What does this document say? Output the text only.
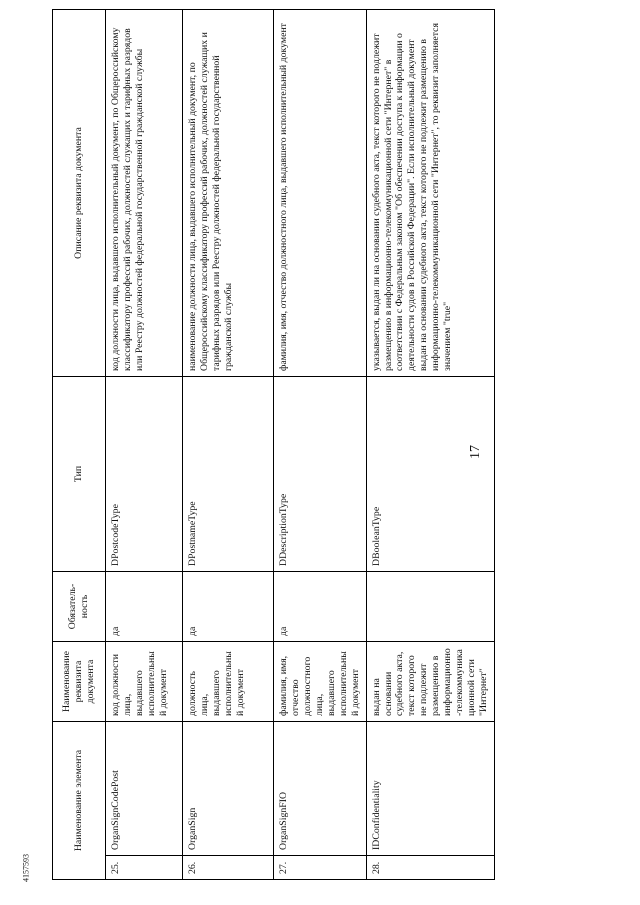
17
4157593
Наименование элемента		Наименование реквизита документа	Обязатель-ность	Тип	Описание реквизита документа
25.	OrganSignCodePost	код должности лица, выдавшего исполнительный документ	да	DPostcodeType	код должности лица, выдавшего исполнительный документ, по Общероссийскому классификатору профессий рабочих, должностей служащих и тарифных разрядов или Реестру должностей федеральной государственной гражданской службы
26.	OrganSign	должность лица, выдавшего исполнительный документ	да	DPostnameType	наименование должности лица, выдавшего исполнительный документ, по Общероссийскому классификатору профессий рабочих, должностей служащих и тарифных разрядов или Реестру должностей федеральной государственной гражданской службы
27.	OrganSignFIO	фамилия, имя, отчество должностного лица, выдавшего исполнительный документ	да	DDescriptionType	фамилия, имя, отчество должностного лица, выдавшего исполнительный документ
28.	IDConfidentiality	выдан на основании судебного акта, текст которого не подлежит размещению в информационно-телекоммуникационной сети "Интернет"		DBooleanType	указывается, выдан ли на основании судебного акта, текст которого не подлежит размещению в информационно-телекоммуникационной сети "Интернет" в соответствии с Федеральным законом "Об обеспечении доступа к информации о деятельности судов в Российской Федерации". Если исполнительный документ выдан на основании судебного акта, текст которого не подлежит размещению в информационно-телекоммуникационной сети "Интернет", то реквизит заполняется значением "true"
